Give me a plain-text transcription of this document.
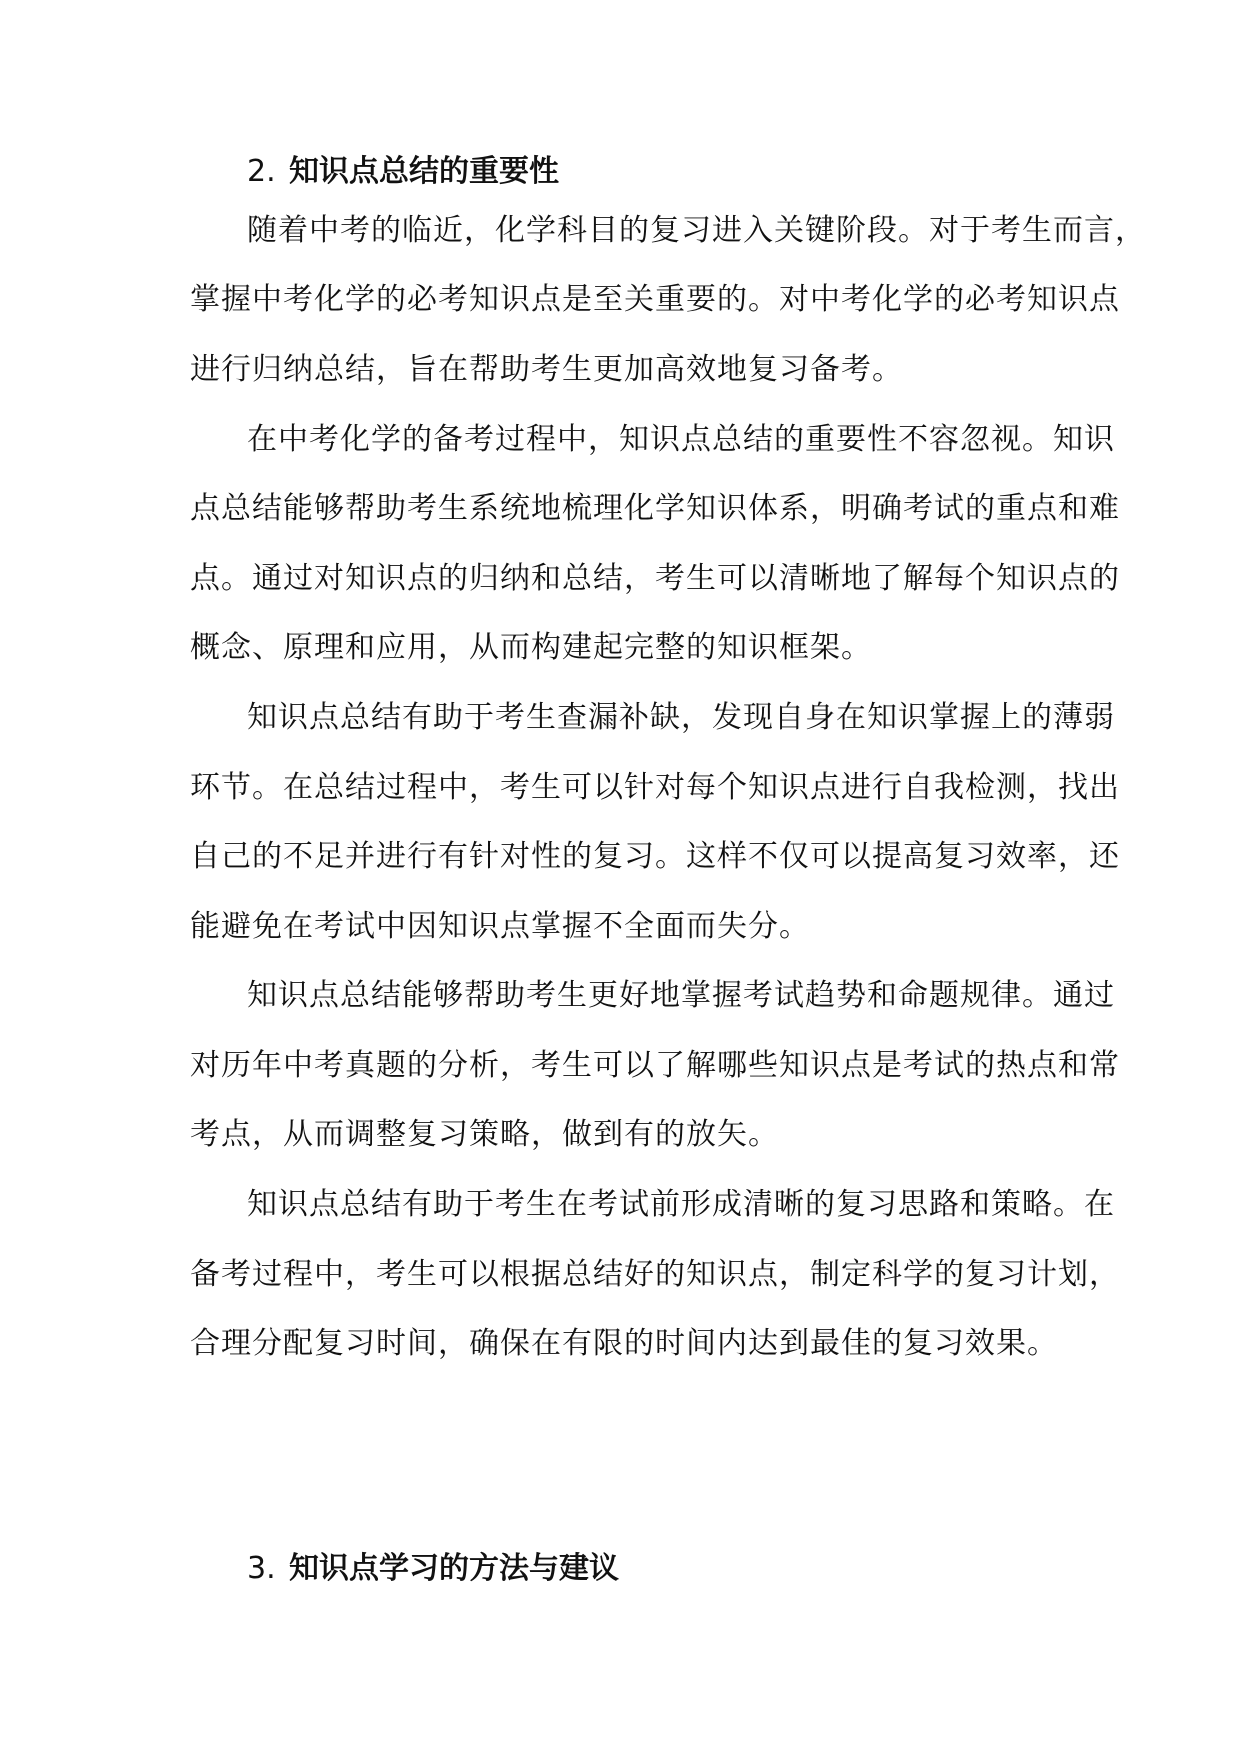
2. 知识点总结的重要性
随着中考的临近，化学科目的复习进入关键阶段。对于考生而言，
掌握中考化学的必考知识点是至关重要的。对中考化学的必考知识点
进行归纳总结，旨在帮助考生更加高效地复习备考。
在中考化学的备考过程中，知识点总结的重要性不容忽视。知识
点总结能够帮助考生系统地梳理化学知识体系，明确考试的重点和难
点。通过对知识点的归纳和总结，考生可以清晰地了解每个知识点的
概念、原理和应用，从而构建起完整的知识框架。
知识点总结有助于考生查漏补缺，发现自身在知识掌握上的薄弱
环节。在总结过程中，考生可以针对每个知识点进行自我检测，找出
自己的不足并进行有针对性的复习。这样不仅可以提高复习效率，还
能避免在考试中因知识点掌握不全面而失分。
知识点总结能够帮助考生更好地掌握考试趋势和命题规律。通过
对历年中考真题的分析，考生可以了解哪些知识点是考试的热点和常
考点，从而调整复习策略，做到有的放矢。
知识点总结有助于考生在考试前形成清晰的复习思路和策略。在
备考过程中，考生可以根据总结好的知识点，制定科学的复习计划，
合理分配复习时间，确保在有限的时间内达到最佳的复习效果。
3. 知识点学习的方法与建议
